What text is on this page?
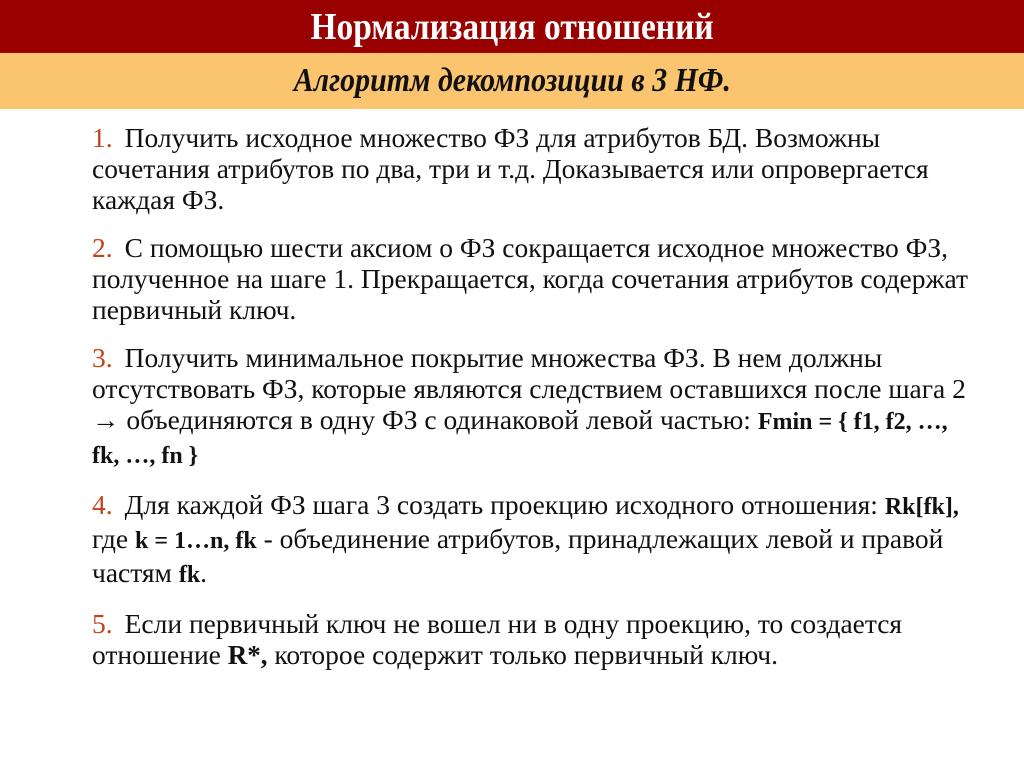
Нормализация отношений
Алгоритм декомпозиции в 3 НФ.
1. Получить исходное множество ФЗ для атрибутов БД. Возможны сочетания атрибутов по два, три и т.д. Доказывается или опровергается каждая ФЗ.
2. С помощью шести аксиом о ФЗ сокращается исходное множество ФЗ, полученное на шаге 1. Прекращается, когда сочетания атрибутов содержат первичный ключ.
3. Получить минимальное покрытие множества ФЗ. В нем должны отсутствовать ФЗ, которые являются следствием оставшихся после шага 2 → объединяются в одну ФЗ с одинаковой левой частью: Fmin = { f1, f2, …, fk, …, fn }
4. Для каждой ФЗ шага 3 создать проекцию исходного отношения: Rk[fk], где k = 1…n, fk - объединение атрибутов, принадлежащих левой и правой частям fk.
5. Если первичный ключ не вошел ни в одну проекцию, то создается отношение R*, которое содержит только первичный ключ.
